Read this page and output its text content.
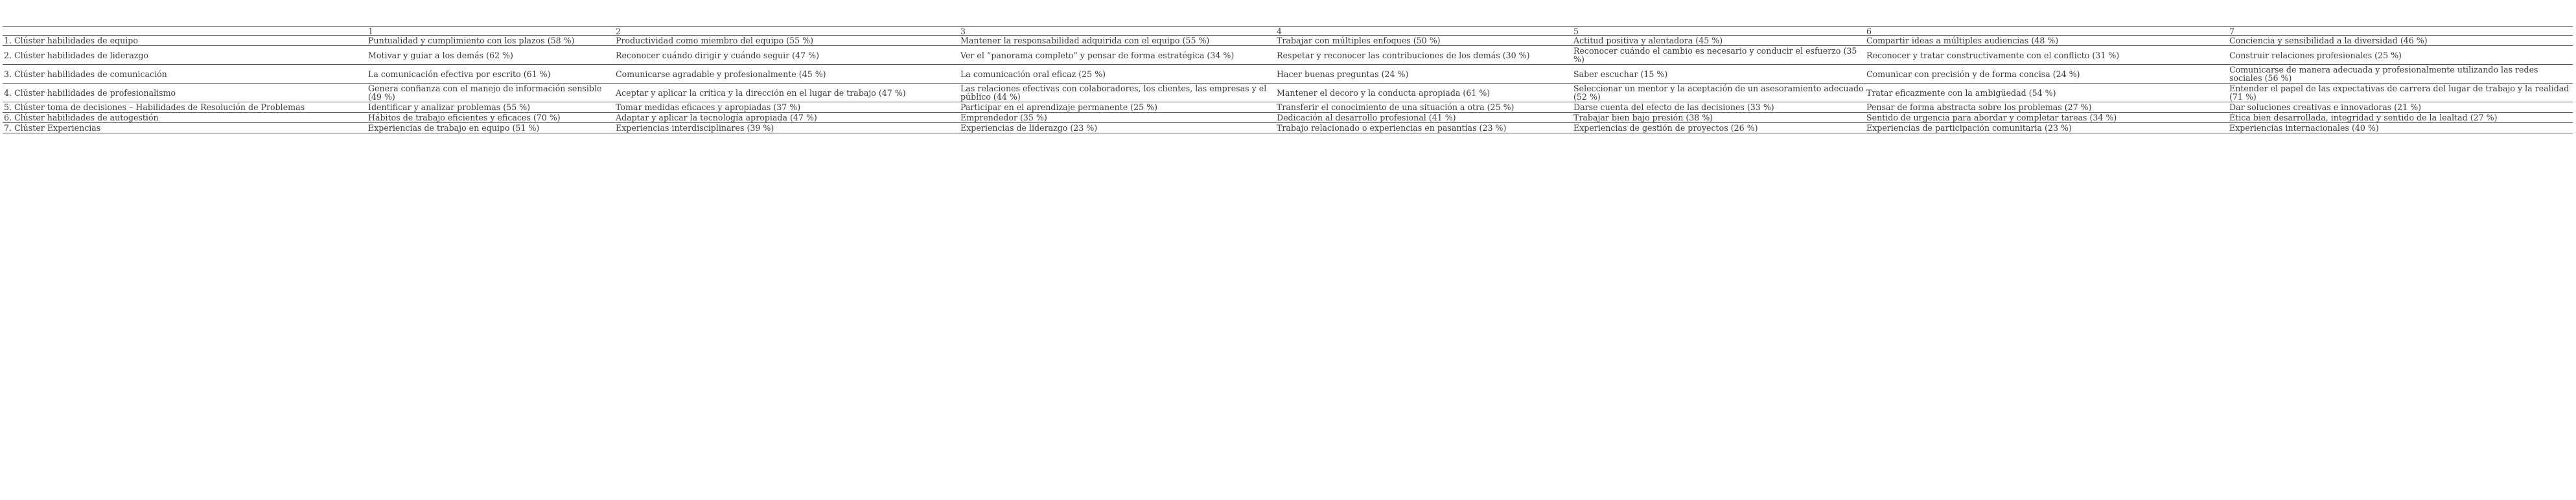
	1	2	3	4	5	6	7
1. Clúster habilidades de equipo	Puntualidad y cumplimiento con los plazos (58 %)	Productividad como miembro del equipo (55 %)	Mantener la responsabilidad adquirida con el equipo (55 %)	Trabajar con múltiples enfoques (50 %)	Actitud positiva y alentadora (45 %)	Compartir ideas a múltiples audiencias (48 %)	Conciencia y sensibilidad a la diversidad (46 %)
2. Clúster habilidades de liderazgo	Motivar y guiar a los demás (62 %)	Reconocer cuándo dirigir y cuándo seguir (47 %)	Ver el “panorama completo” y pensar de forma estratégica (34 %)	Respetar y reconocer las contribuciones de los demás (30 %)	Reconocer cuándo el cambio es necesario y conducir el esfuerzo (35 %)	Reconocer y tratar constructivamente con el conflicto (31 %)	Construir relaciones profesionales (25 %)
3. Clúster habilidades de comunicación	La comunicación efectiva por escrito (61 %)	Comunicarse agradable y profesionalmente (45 %)	La comunicación oral eficaz (25 %)	Hacer buenas preguntas (24 %)	Saber escuchar (15 %)	Comunicar con precisión y de forma concisa (24 %)	Comunicarse de manera adecuada y profesionalmente utilizando las redes sociales (56 %)
4. Clúster habilidades de profesionalismo	Genera confianza con el manejo de información sensible (49 %)	Aceptar y aplicar la crítica y la dirección en el lugar de trabajo (47 %)	Las relaciones efectivas con colaboradores, los clientes, las empresas y el público (44 %)	Mantener el decoro y la conducta apropiada (61 %)	Seleccionar un mentor y la aceptación de un asesoramiento adecuado (52 %)	Tratar eficazmente con la ambigüedad (54 %)	Entender el papel de las expectativas de carrera del lugar de trabajo y la realidad (71 %)
5. Clúster toma de decisiones – Habilidades de Resolución de Problemas	Identificar y analizar problemas (55 %)	Tomar medidas eficaces y apropiadas (37 %)	Participar en el aprendizaje permanente (25 %)	Transferir el conocimiento de una situación a otra (25 %)	Darse cuenta del efecto de las decisiones (33 %)	Pensar de forma abstracta sobre los problemas (27 %)	Dar soluciones creativas e innovadoras (21 %)
6. Clúster habilidades de autogestión	Hábitos de trabajo eficientes y eficaces (70 %)	Adaptar y aplicar la tecnología apropiada (47 %)	Emprendedor (35 %)	Dedicación al desarrollo profesional (41 %)	Trabajar bien bajo presión (38 %)	Sentido de urgencia para abordar y completar tareas (34 %)	Ética bien desarrollada, integridad y sentido de la lealtad (27 %)
7. Clúster Experiencias	Experiencias de trabajo en equipo (51 %)	Experiencias interdisciplinares (39 %)	Experiencias de liderazgo (23 %)	Trabajo relacionado o experiencias en pasantías (23 %)	Experiencias de gestión de proyectos (26 %)	Experiencias de participación comunitaria (23 %)	Experiencias internacionales (40 %)
